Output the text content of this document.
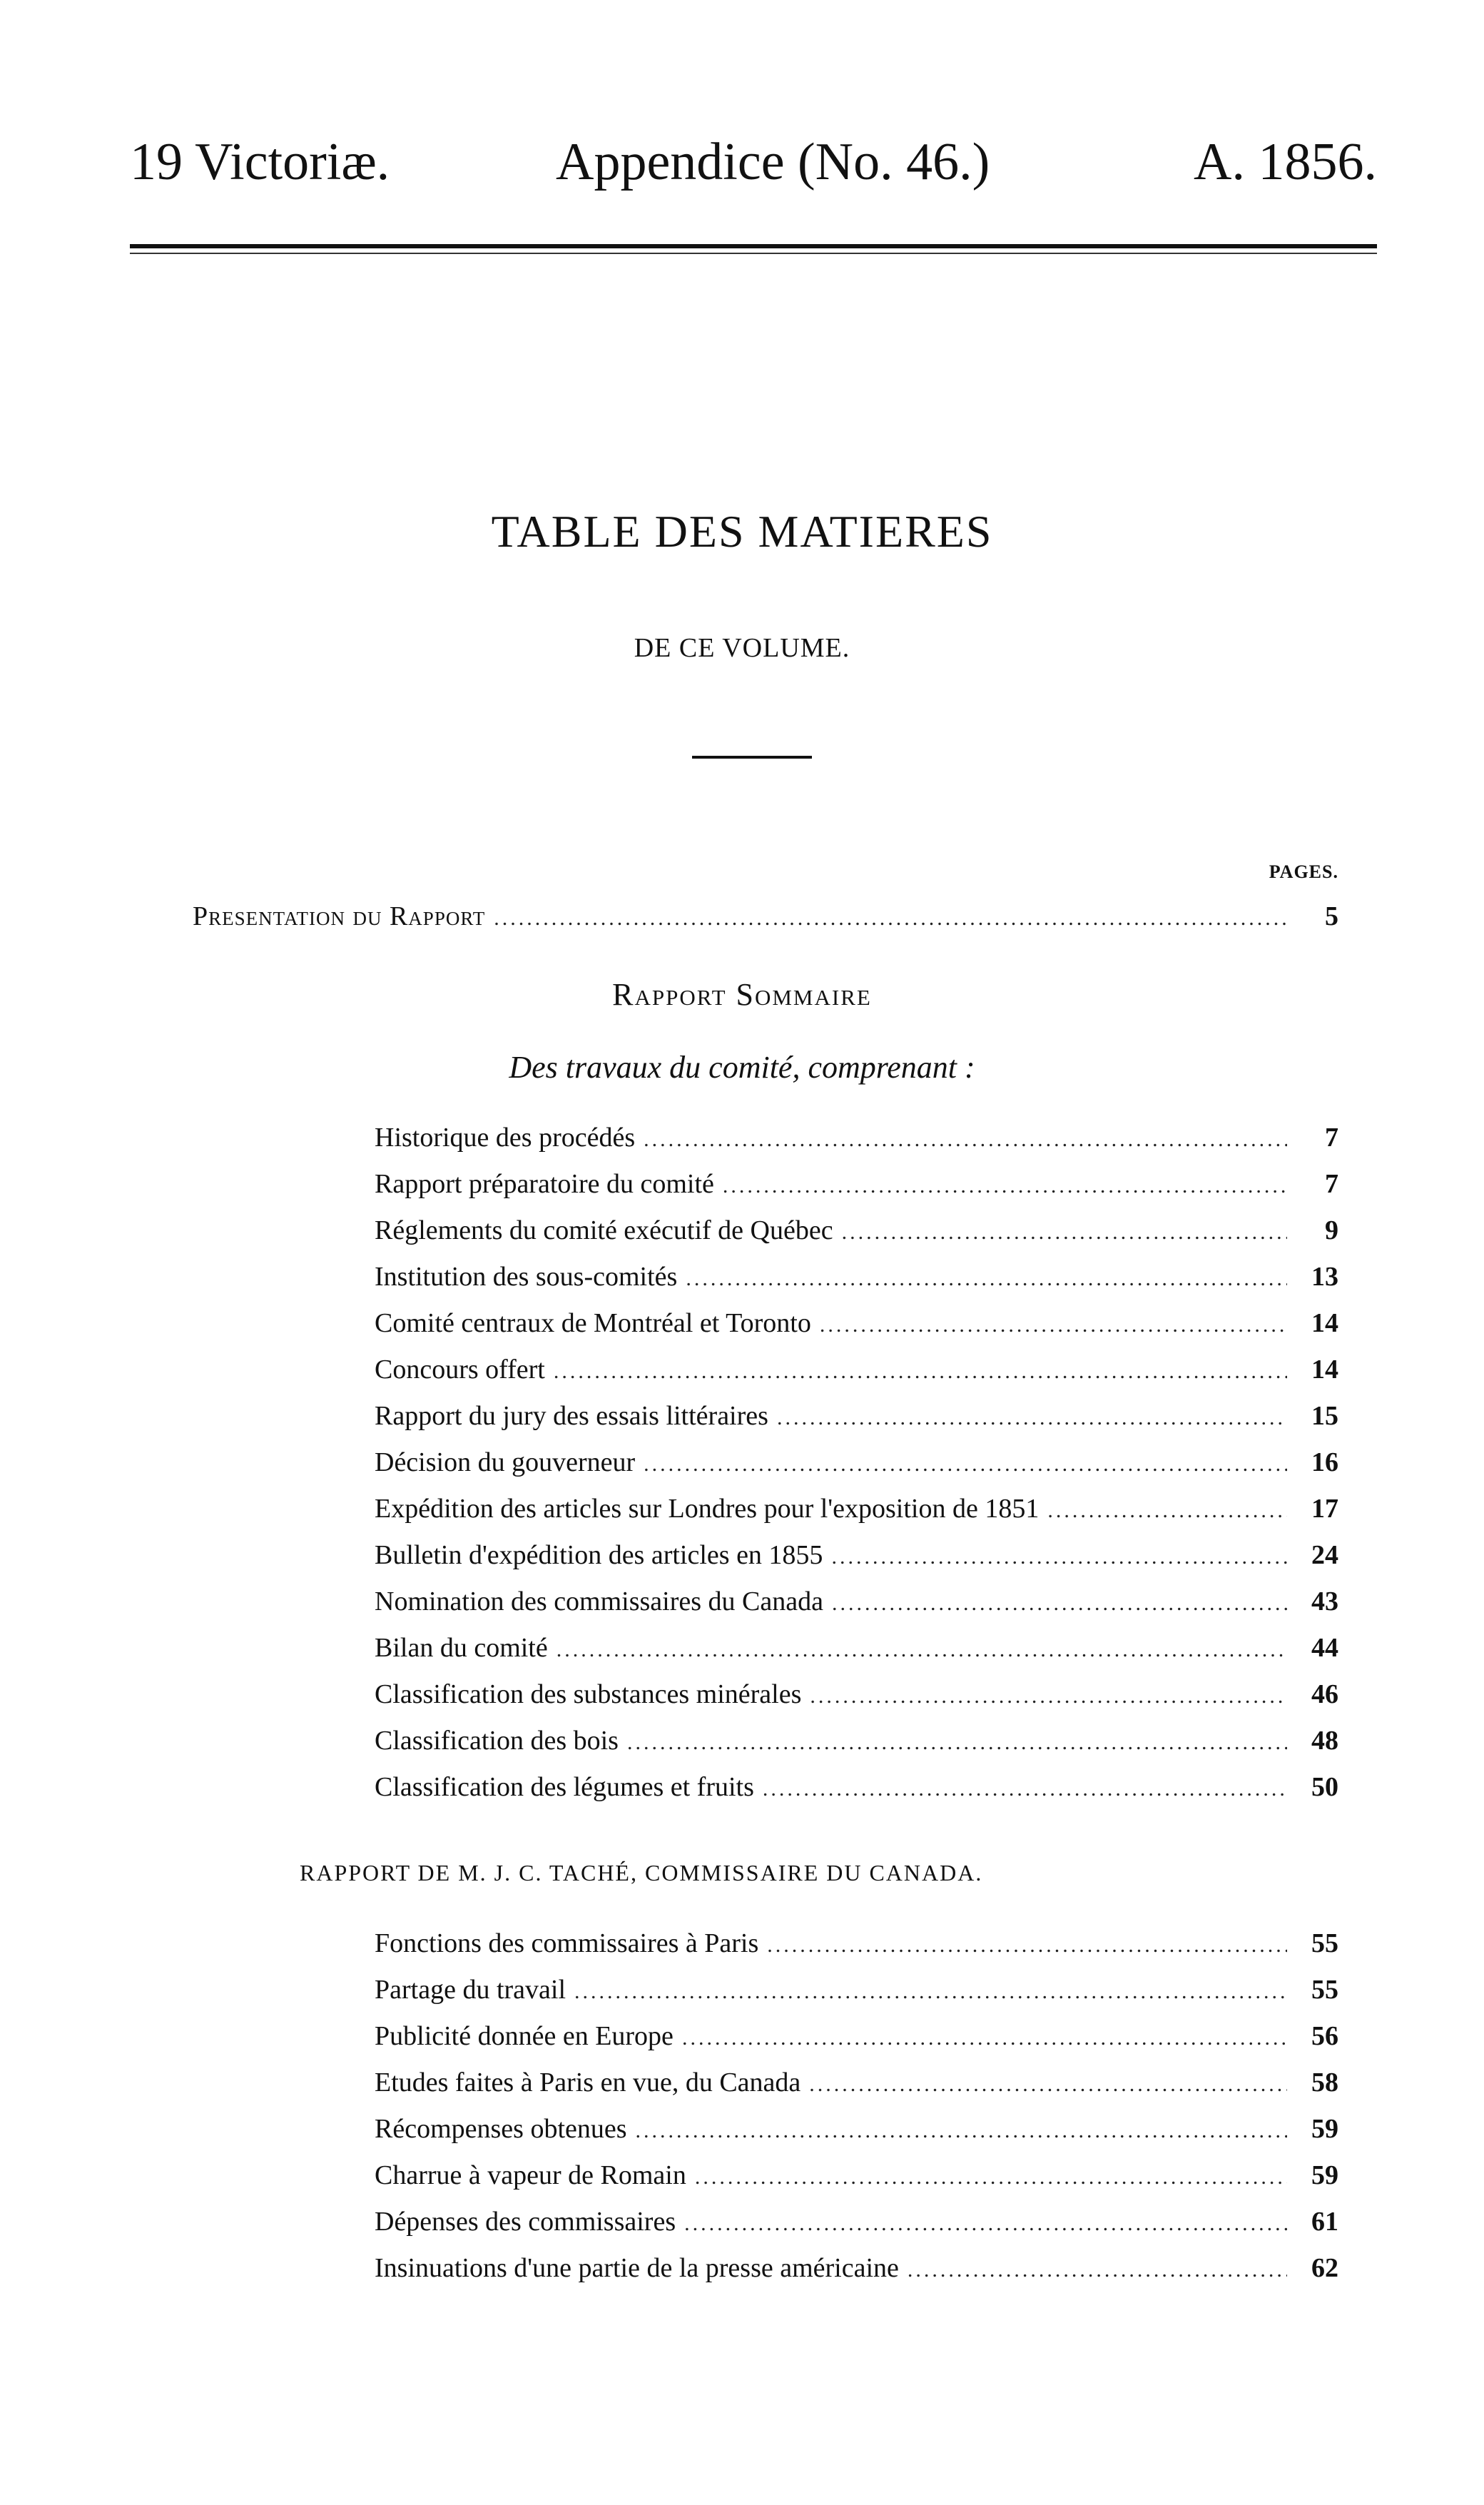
19 Victoriæ.	Appendice (No. 46.)	A. 1856.
TABLE DES MATIERES
DE CE VOLUME.
PAGES.
Presentation du Rapport .....	5
Rapport Sommaire
Des travaux du comité, comprenant :
Historique des procédés .....	7
Rapport préparatoire du comité .....	7
Réglements du comité exécutif de Québec .....	9
Institution des sous-comités .....	13
Comité centraux de Montréal et Toronto .....	14
Concours offert .....	14
Rapport du jury des essais littéraires .....	15
Décision du gouverneur .....	16
Expédition des articles sur Londres pour l'exposition de 1851 .....	17
Bulletin d'expédition des articles en 1855 .....	24
Nomination des commissaires du Canada .....	43
Bilan du comité .....	44
Classification des substances minérales .....	46
Classification des bois .....	48
Classification des légumes et fruits .....	50
RAPPORT DE M. J. C. TACHÉ, COMMISSAIRE DU CANADA.
Fonctions des commissaires à Paris .....	55
Partage du travail .....	55
Publicité donnée en Europe .....	56
Etudes faites à Paris en vue, du Canada .....	58
Récompenses obtenues .....	59
Charrue à vapeur de Romain .....	59
Dépenses des commissaires .....	61
Insinuations d'une partie de la presse américaine .....	62
